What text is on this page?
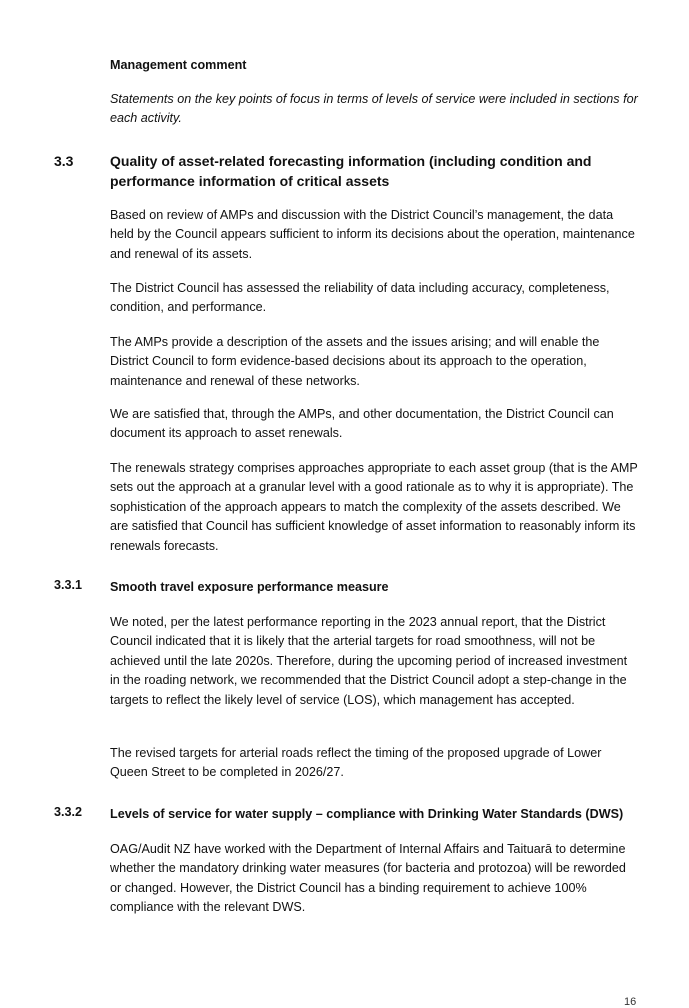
Management comment

Statements on the key points of focus in terms of levels of service were included in sections for each activity.

3.3	Quality of asset-related forecasting information (including condition and performance information of critical assets

Based on review of AMPs and discussion with the District Council’s management, the data held by the Council appears sufficient to inform its decisions about the operation, maintenance and renewal of its assets.

The District Council has assessed the reliability of data including accuracy, completeness, condition, and performance.

The AMPs provide a description of the assets and the issues arising; and will enable the District Council to form evidence-based decisions about its approach to the operation, maintenance and renewal of these networks.

We are satisfied that, through the AMPs, and other documentation, the District Council can document its approach to asset renewals.

The renewals strategy comprises approaches appropriate to each asset group (that is the AMP sets out the approach at a granular level with a good rationale as to why it is appropriate). The sophistication of the approach appears to match the complexity of the assets described. We are satisfied that Council has sufficient knowledge of asset information to reasonably inform its renewals forecasts.

3.3.1 Smooth travel exposure performance measure

We noted, per the latest performance reporting in the 2023 annual report, that the District Council indicated that it is likely that the arterial targets for road smoothness, will not be achieved until the late 2020s. Therefore, during the upcoming period of increased investment in the roading network, we recommended that the District Council adopt a step-change in the targets to reflect the likely level of service (LOS), which management has accepted.

The revised targets for arterial roads reflect the timing of the proposed upgrade of Lower Queen Street to be completed in 2026/27.

3.3.2 Levels of service for water supply – compliance with Drinking Water Standards (DWS)

OAG/Audit NZ have worked with the Department of Internal Affairs and Taituarā to determine whether the mandatory drinking water measures (for bacteria and protozoa) will be reworded or changed. However, the District Council has a binding requirement to achieve 100% compliance with the relevant DWS.

16
